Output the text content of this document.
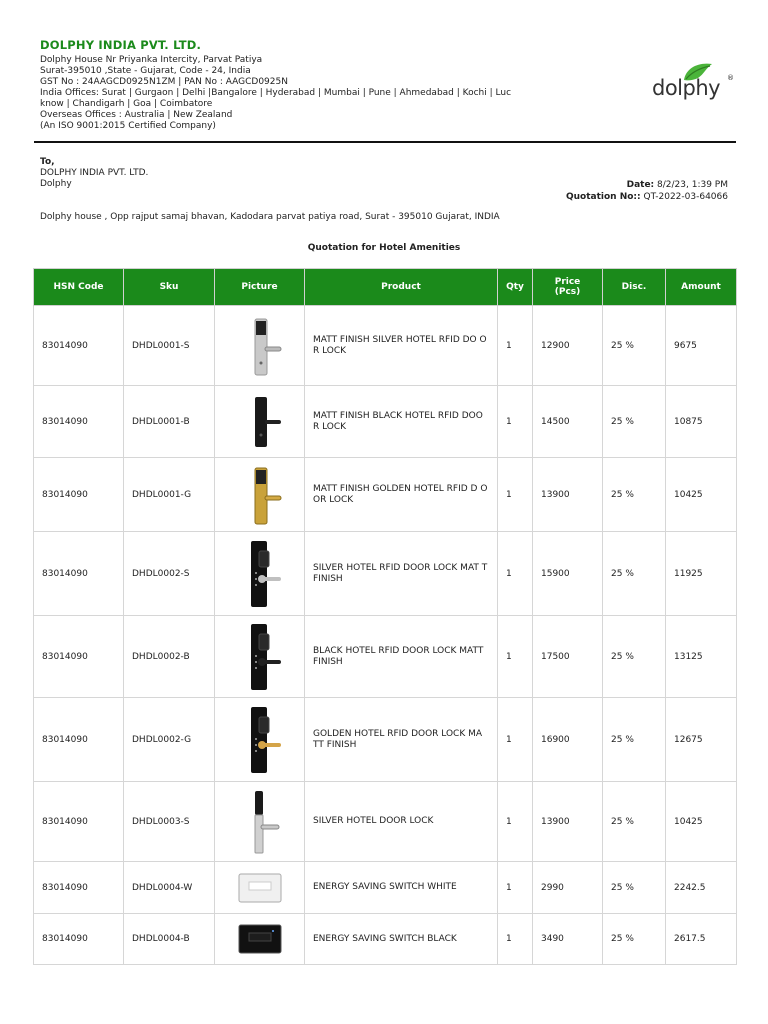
DOLPHY INDIA PVT. LTD.
Dolphy House Nr Priyanka Intercity, Parvat Patiya
Surat-395010 ,State - Gujarat, Code - 24, India
GST No : 24AAGCD0925N1ZM | PAN No : AAGCD0925N
India Offices: Surat | Gurgaon | Delhi |Bangalore | Hyderabad | Mumbai | Pune | Ahmedabad | Kochi | Luc
know | Chandigarh | Goa | Coimbatore
Overseas Offices : Australia | New Zealand
(An ISO 9001:2015 Certified Company)
dolphy ®
To,
DOLPHY INDIA PVT. LTD.
Dolphy	Date: 8/2/23, 1:39 PM
Quotation No:: QT-2022-03-64066
Dolphy house , Opp rajput samaj bhavan, Kadodara parvat patiya road, Surat - 395010 Gujarat, INDIA
Quotation for Hotel Amenities
HSN Code	Sku	Picture	Product	Qty	Price
(Pcs)	Disc.	Amount
83014090	DHDL0001-S		MATT FINISH SILVER HOTEL RFID DO OR LOCK	1	12900	25 %	9675
83014090	DHDL0001-B		MATT FINISH BLACK HOTEL RFID DOO R LOCK	1	14500	25 %	10875
83014090	DHDL0001-G		MATT FINISH GOLDEN HOTEL RFID D OOR LOCK	1	13900	25 %	10425
83014090	DHDL0002-S		SILVER HOTEL RFID DOOR LOCK MAT T FINISH	1	15900	25 %	11925
83014090	DHDL0002-B		BLACK HOTEL RFID DOOR LOCK MATT FINISH	1	17500	25 %	13125
83014090	DHDL0002-G		GOLDEN HOTEL RFID DOOR LOCK MA TT FINISH	1	16900	25 %	12675
83014090	DHDL0003-S		SILVER HOTEL DOOR LOCK	1	13900	25 %	10425
83014090	DHDL0004-W		ENERGY SAVING SWITCH WHITE	1	2990	25 %	2242.5
83014090	DHDL0004-B		ENERGY SAVING SWITCH BLACK	1	3490	25 %	2617.5
